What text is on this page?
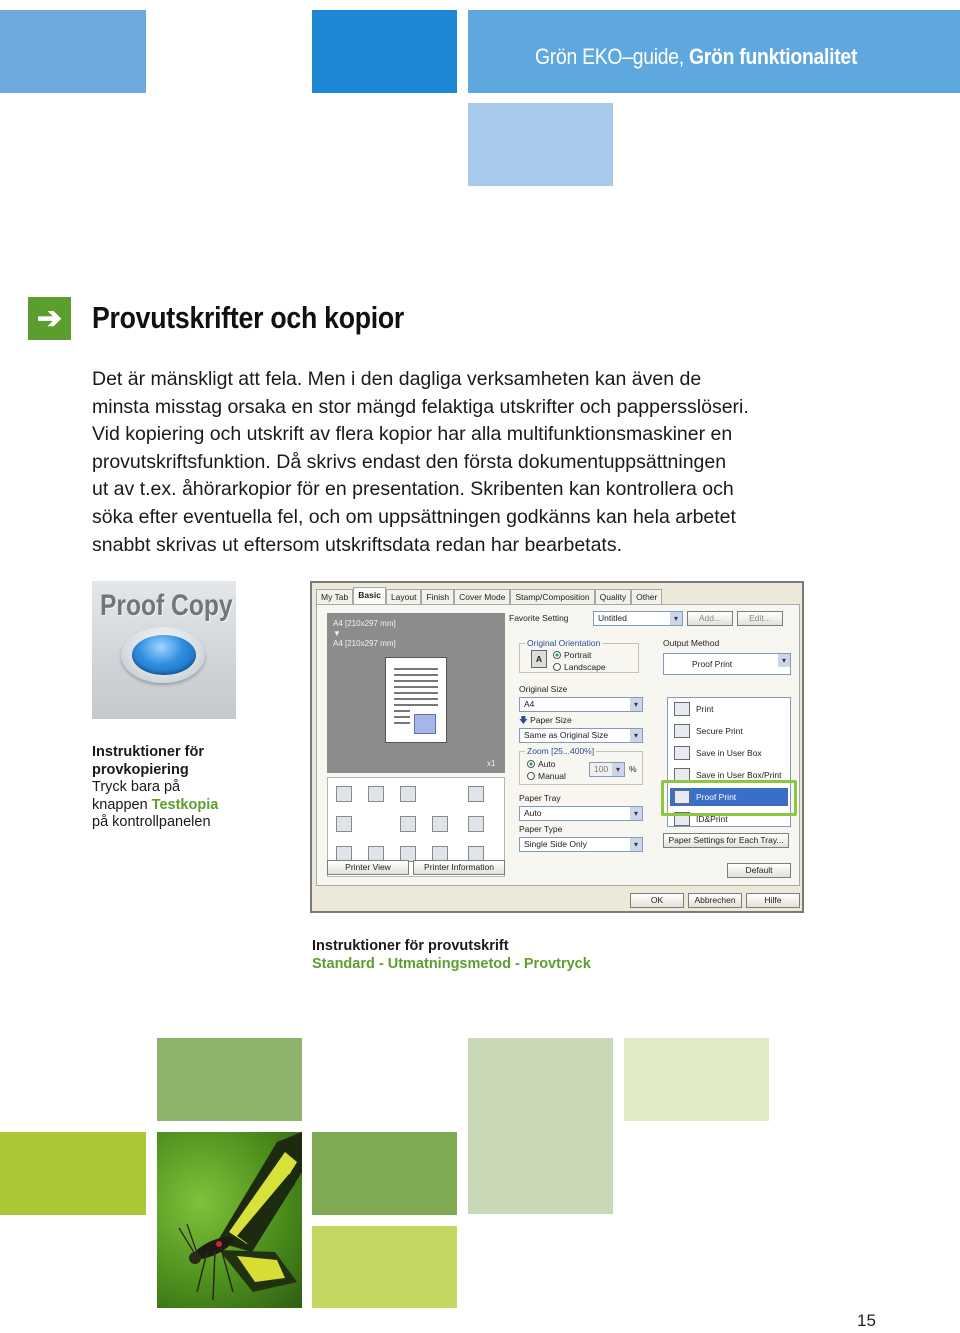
Grön EKO–guide, Grön funktionalitet
➔ Provutskrifter och kopior

Det är mänskligt att fela. Men i den dagliga verksamheten kan även de

minsta misstag orsaka en stor mängd felaktiga utskrifter och pappersslöseri.

Vid kopiering och utskrift av flera kopior har alla multifunktionsmaskiner en

provutskriftsfunktion. Då skrivs endast den första dokumentuppsättningen

ut av t.ex. åhörarkopior för en presentation. Skribenten kan kontrollera och

söka efter eventuella fel, och om uppsättningen godkänns kan hela arbetet

snabbt skrivas ut eftersom utskriftsdata redan har bearbetats.

Proof Copy
Instruktioner för
provkopiering
Tryck bara på
knappen Testkopia
på kontrollpanelen
My Tab	Basic	Layout	Finish	Cover Mode	Stamp/Composition	Quality	Other
A4 [210x297 mm]
▼
A4 [210x297 mm]
x1
Printer View	Printer Information
Favorite Setting	Untitled ▾	Add...	Edit...
Original Orientation
A	Portrait
Landscape
Original Size
A4 ▾
🡇 Paper Size
Same as Original Size ▾
Zoom [25...400%]
Auto
Manual
100 ▾	%
Paper Tray
Auto ▾
Paper Type
Single Side Only ▾
Output Method
Proof Print ▾
Print
Secure Print
Save in User Box
Save in User Box/Print
Proof Print
ID&Print
Paper Settings for Each Tray...
Default
OK	Abbrechen	Hilfe
Instruktioner för provutskrift
Standard - Utmatningsmetod - Provtryck
15
